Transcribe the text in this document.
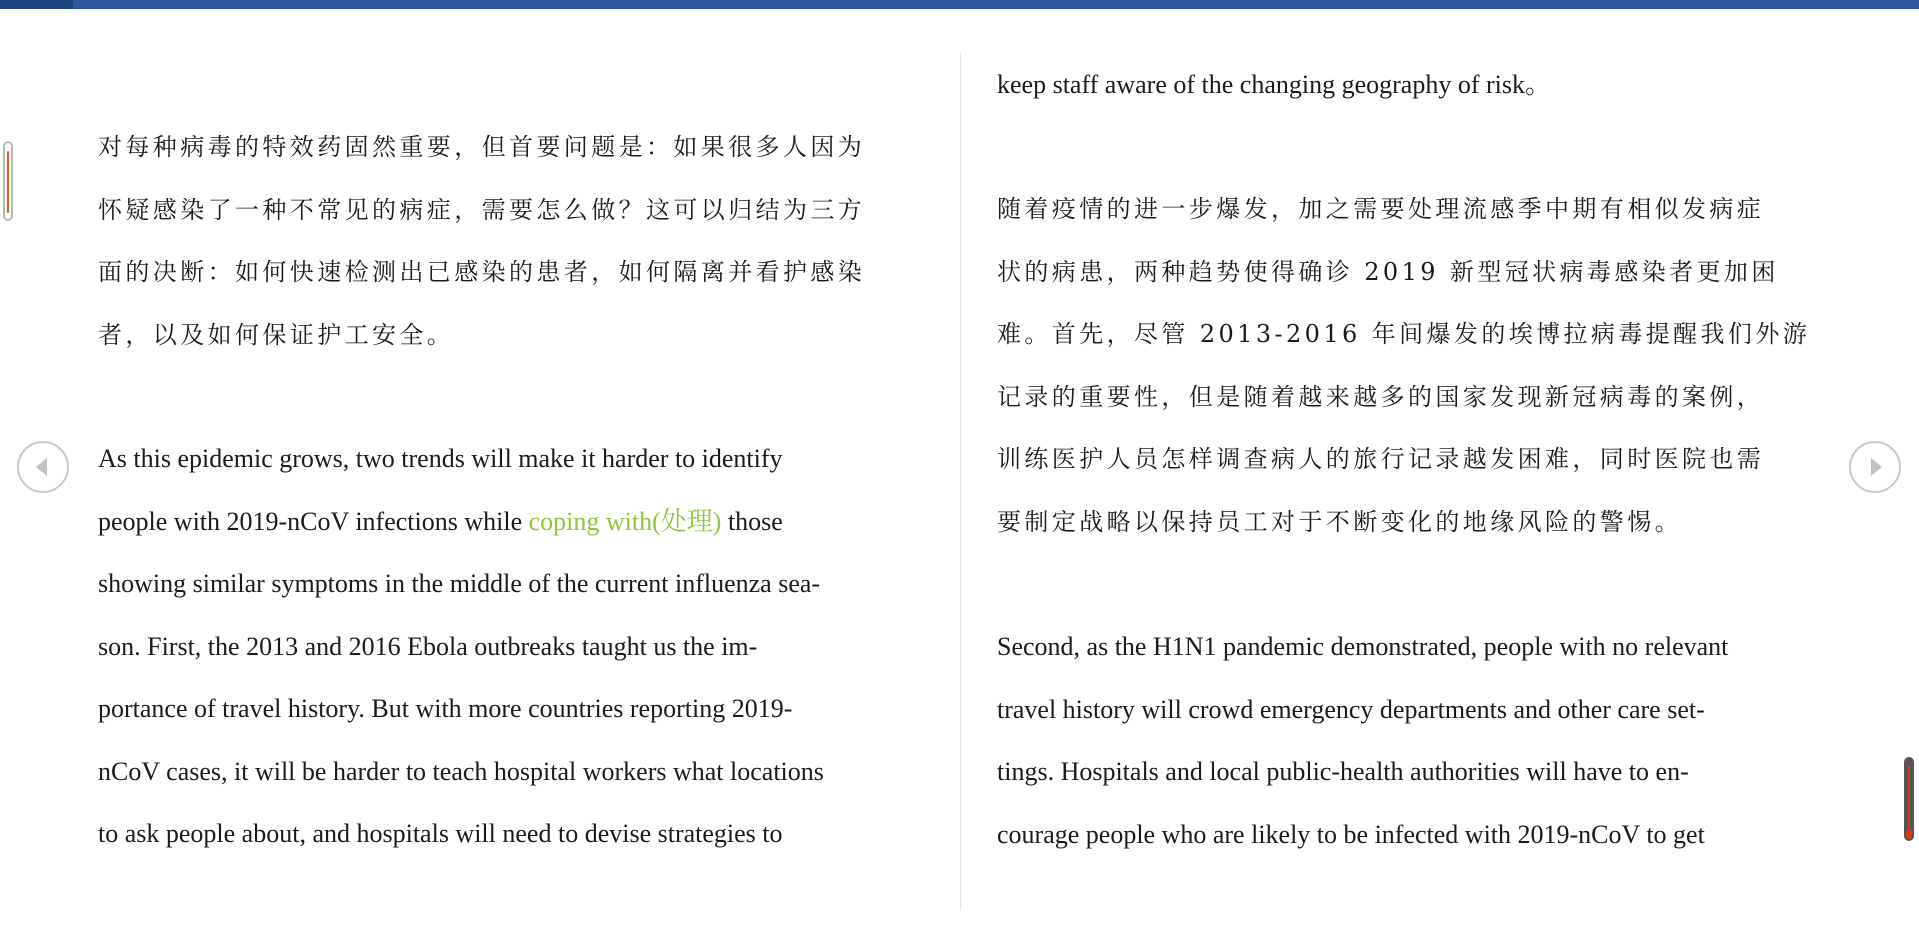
对每种病毒的特效药固然重要，但首要问题是：如果很多人因为
怀疑感染了一种不常见的病症，需要怎么做？这可以归结为三方
面的决断：如何快速检测出已感染的患者，如何隔离并看护感染
者，以及如何保证护工安全。

As this epidemic grows, two trends will make it harder to identify
people with 2019-nCoV infections while coping with(处理) those
showing similar symptoms in the middle of the current influenza sea-
son. First, the 2013 and 2016 Ebola outbreaks taught us the im-
portance of travel history. But with more countries reporting 2019-
nCoV cases, it will be harder to teach hospital workers what locations
to ask people about, and hospitals will need to devise strategies to

keep staff aware of the changing geography of risk。

随着疫情的进一步爆发，加之需要处理流感季中期有相似发病症
状的病患，两种趋势使得确诊 2019 新型冠状病毒感染者更加困
难。首先，尽管 2013-2016 年间爆发的埃博拉病毒提醒我们外游
记录的重要性，但是随着越来越多的国家发现新冠病毒的案例，
训练医护人员怎样调查病人的旅行记录越发困难，同时医院也需
要制定战略以保持员工对于不断变化的地缘风险的警惕。

Second, as the H1N1 pandemic demonstrated, people with no relevant
travel history will crowd emergency departments and other care set-
tings. Hospitals and local public-health authorities will have to en-
courage people who are likely to be infected with 2019-nCoV to get
